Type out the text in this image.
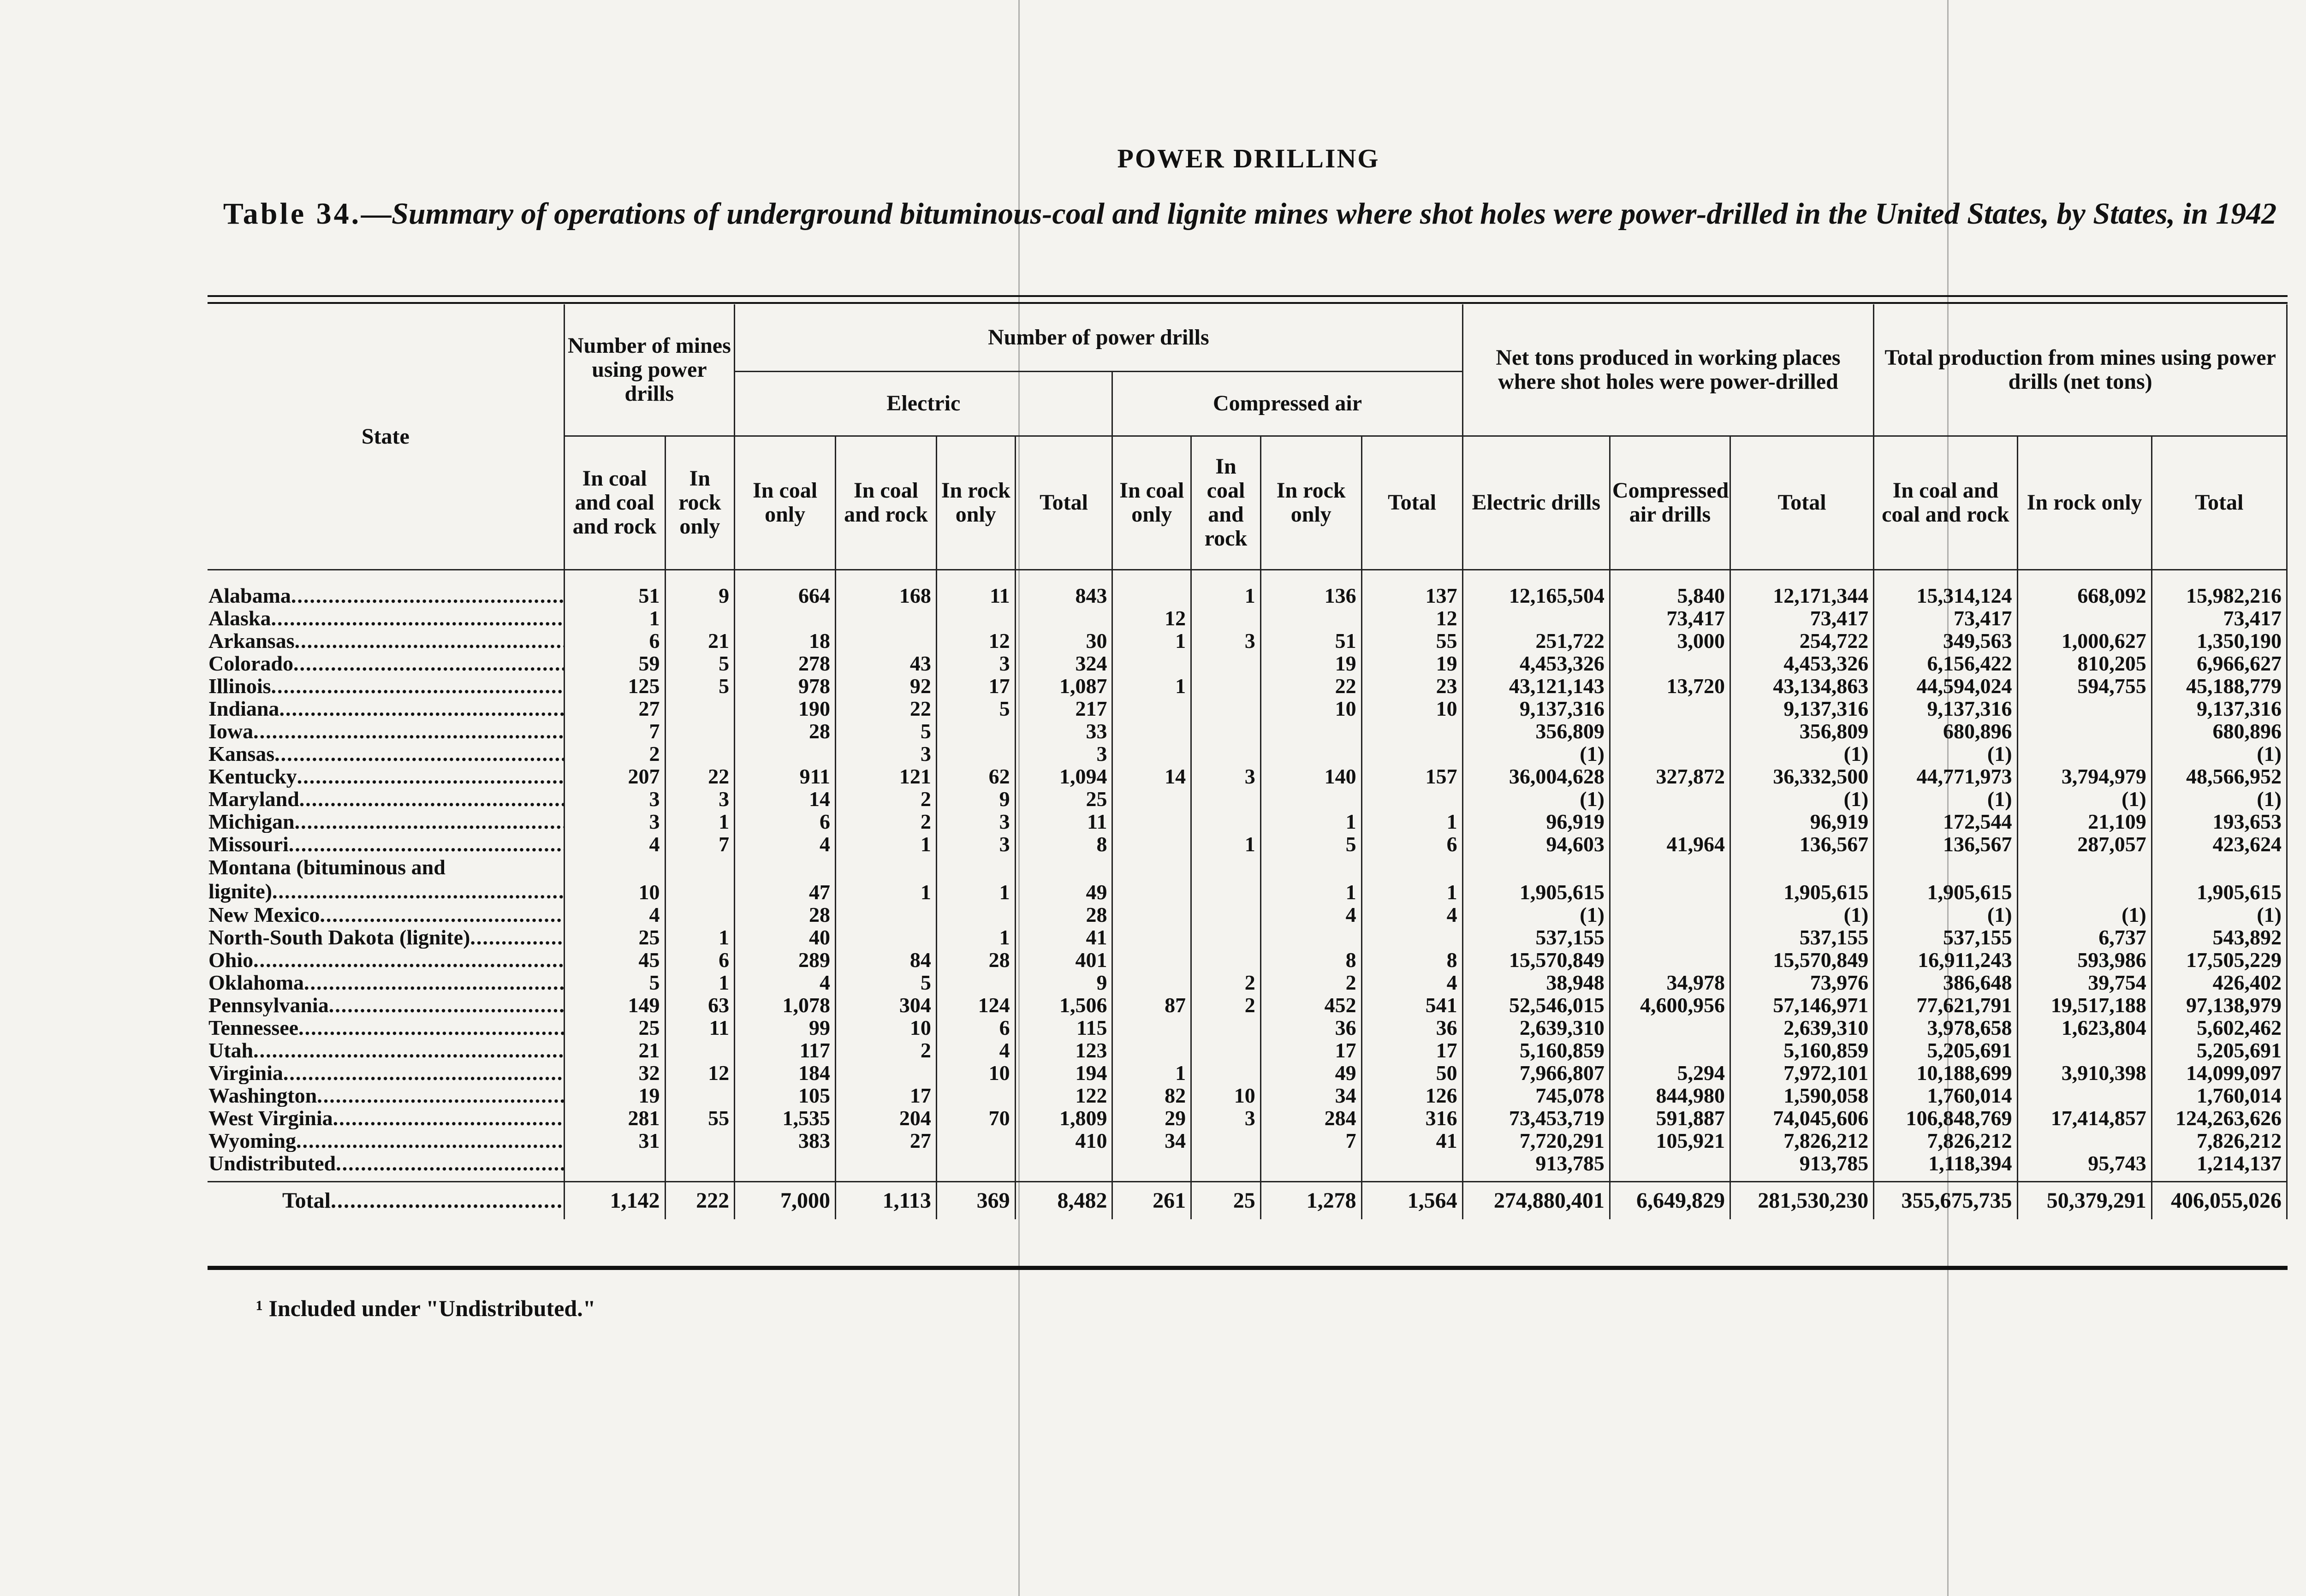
POWER DRILLING
Table 34.—Summary of operations of underground bituminous-coal and lignite mines where shot holes were power-drilled in the United States, by States, in 1942
State	Number of mines using power drills		Number of power drills								Net tons produced in working places where shot holes were power-drilled			Total production from mines using power drills (net tons)		
			Electric				Compressed air									
	In coal and coal and rock	In rock only	In coal only	In coal and rock	In rock only	Total	In coal only	In coal and rock	In rock only	Total	Electric drills	Compressed air drills	Total	In coal and coal and rock	In rock only	Total
Alabama .....	51	9	664	168	11	843		1	136	137	12,165,504	5,840	12,171,344	15,314,124	668,092	15,982,216
Alaska .....	1						12			12		73,417	73,417	73,417		73,417
Arkansas .....	6	21	18		12	30	1	3	51	55	251,722	3,000	254,722	349,563	1,000,627	1,350,190
Colorado .....	59	5	278	43	3	324			19	19	4,453,326		4,453,326	6,156,422	810,205	6,966,627
Illinois .....	125	5	978	92	17	1,087	1		22	23	43,121,143	13,720	43,134,863	44,594,024	594,755	45,188,779
Indiana .....	27		190	22	5	217			10	10	9,137,316		9,137,316	9,137,316		9,137,316
Iowa .....	7		28	5		33					356,809		356,809	680,896		680,896
Kansas .....	2			3		3					(1)		(1)	(1)		(1)
Kentucky .....	207	22	911	121	62	1,094	14	3	140	157	36,004,628	327,872	36,332,500	44,771,973	3,794,979	48,566,952
Maryland .....	3	3	14	2	9	25					(1)		(1)	(1)	(1)	(1)
Michigan .....	3	1	6	2	3	11			1	1	96,919		96,919	172,544	21,109	193,653
Missouri .....	4	7	4	1	3	8		1	5	6	94,603	41,964	136,567	136,567	287,057	423,624
Montana (bituminous and lignite) .....	10		47	1	1	49			1	1	1,905,615		1,905,615	1,905,615		1,905,615
New Mexico .....	4		28			28			4	4	(1)		(1)	(1)	(1)	(1)
North-South Dakota (lignite) .....	25	1	40		1	41					537,155		537,155	537,155	6,737	543,892
Ohio .....	45	6	289	84	28	401			8	8	15,570,849		15,570,849	16,911,243	593,986	17,505,229
Oklahoma .....	5	1	4	5		9		2	2	4	38,948	34,978	73,976	386,648	39,754	426,402
Pennsylvania .....	149	63	1,078	304	124	1,506	87	2	452	541	52,546,015	4,600,956	57,146,971	77,621,791	19,517,188	97,138,979
Tennessee .....	25	11	99	10	6	115			36	36	2,639,310		2,639,310	3,978,658	1,623,804	5,602,462
Utah .....	21		117	2	4	123			17	17	5,160,859		5,160,859	5,205,691		5,205,691
Virginia .....	32	12	184		10	194	1		49	50	7,966,807	5,294	7,972,101	10,188,699	3,910,398	14,099,097
Washington .....	19		105	17		122	82	10	34	126	745,078	844,980	1,590,058	1,760,014		1,760,014
West Virginia .....	281	55	1,535	204	70	1,809	29	3	284	316	73,453,719	591,887	74,045,606	106,848,769	17,414,857	124,263,626
Wyoming .....	31		383	27		410	34		7	41	7,720,291	105,921	7,826,212	7,826,212		7,826,212
Undistributed .....											913,785		913,785	1,118,394	95,743	1,214,137

Total .....	1,142	222	7,000	1,113	369	8,482	261	25	1,278	1,564	274,880,401	6,649,829	281,530,230	355,675,735	50,379,291	406,055,026
¹ Included under "Undistributed."
